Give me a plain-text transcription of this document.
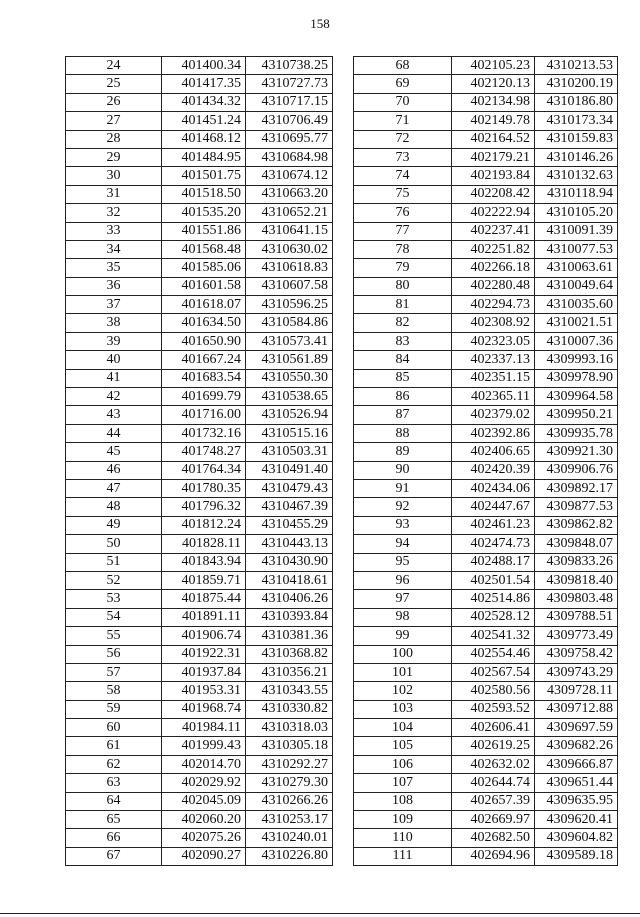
158
24	401400.34	4310738.25
25	401417.35	4310727.73
26	401434.32	4310717.15
27	401451.24	4310706.49
28	401468.12	4310695.77
29	401484.95	4310684.98
30	401501.75	4310674.12
31	401518.50	4310663.20
32	401535.20	4310652.21
33	401551.86	4310641.15
34	401568.48	4310630.02
35	401585.06	4310618.83
36	401601.58	4310607.58
37	401618.07	4310596.25
38	401634.50	4310584.86
39	401650.90	4310573.41
40	401667.24	4310561.89
41	401683.54	4310550.30
42	401699.79	4310538.65
43	401716.00	4310526.94
44	401732.16	4310515.16
45	401748.27	4310503.31
46	401764.34	4310491.40
47	401780.35	4310479.43
48	401796.32	4310467.39
49	401812.24	4310455.29
50	401828.11	4310443.13
51	401843.94	4310430.90
52	401859.71	4310418.61
53	401875.44	4310406.26
54	401891.11	4310393.84
55	401906.74	4310381.36
56	401922.31	4310368.82
57	401937.84	4310356.21
58	401953.31	4310343.55
59	401968.74	4310330.82
60	401984.11	4310318.03
61	401999.43	4310305.18
62	402014.70	4310292.27
63	402029.92	4310279.30
64	402045.09	4310266.26
65	402060.20	4310253.17
66	402075.26	4310240.01
67	402090.27	4310226.80
68	402105.23	4310213.53
69	402120.13	4310200.19
70	402134.98	4310186.80
71	402149.78	4310173.34
72	402164.52	4310159.83
73	402179.21	4310146.26
74	402193.84	4310132.63
75	402208.42	4310118.94
76	402222.94	4310105.20
77	402237.41	4310091.39
78	402251.82	4310077.53
79	402266.18	4310063.61
80	402280.48	4310049.64
81	402294.73	4310035.60
82	402308.92	4310021.51
83	402323.05	4310007.36
84	402337.13	4309993.16
85	402351.15	4309978.90
86	402365.11	4309964.58
87	402379.02	4309950.21
88	402392.86	4309935.78
89	402406.65	4309921.30
90	402420.39	4309906.76
91	402434.06	4309892.17
92	402447.67	4309877.53
93	402461.23	4309862.82
94	402474.73	4309848.07
95	402488.17	4309833.26
96	402501.54	4309818.40
97	402514.86	4309803.48
98	402528.12	4309788.51
99	402541.32	4309773.49
100	402554.46	4309758.42
101	402567.54	4309743.29
102	402580.56	4309728.11
103	402593.52	4309712.88
104	402606.41	4309697.59
105	402619.25	4309682.26
106	402632.02	4309666.87
107	402644.74	4309651.44
108	402657.39	4309635.95
109	402669.97	4309620.41
110	402682.50	4309604.82
111	402694.96	4309589.18
